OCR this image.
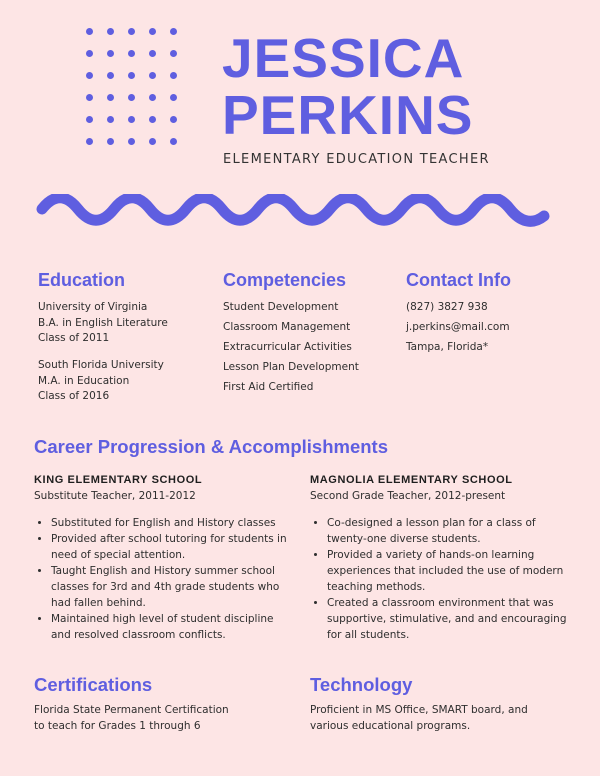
JESSICA
PERKINS
ELEMENTARY EDUCATION TEACHER
Education
University of Virginia
B.A. in English Literature
Class of 2011
South Florida University
M.A. in Education
Class of 2016
Competencies
Student Development
Classroom Management
Extracurricular Activities
Lesson Plan Development
First Aid Certified
Contact Info
(827) 3827 938
j.perkins@mail.com
Tampa, Florida*
Career Progression & Accomplishments
KING ELEMENTARY SCHOOL
Substitute Teacher, 2011-2012
• Substituted for English and History classes
• Provided after school tutoring for students in need of special attention.
• Taught English and History summer school classes for 3rd and 4th grade students who had fallen behind.
• Maintained high level of student discipline and resolved classroom conflicts.
MAGNOLIA ELEMENTARY SCHOOL
Second Grade Teacher, 2012-present
• Co-designed a lesson plan for a class of twenty-one diverse students.
• Provided a variety of hands-on learning experiences that included the use of modern teaching methods.
• Created a classroom environment that was supportive, stimulative, and and encouraging for all students.
Certifications
Florida State Permanent Certification
to teach for Grades 1 through 6
Technology
Proficient in MS Office, SMART board, and
various educational programs.
